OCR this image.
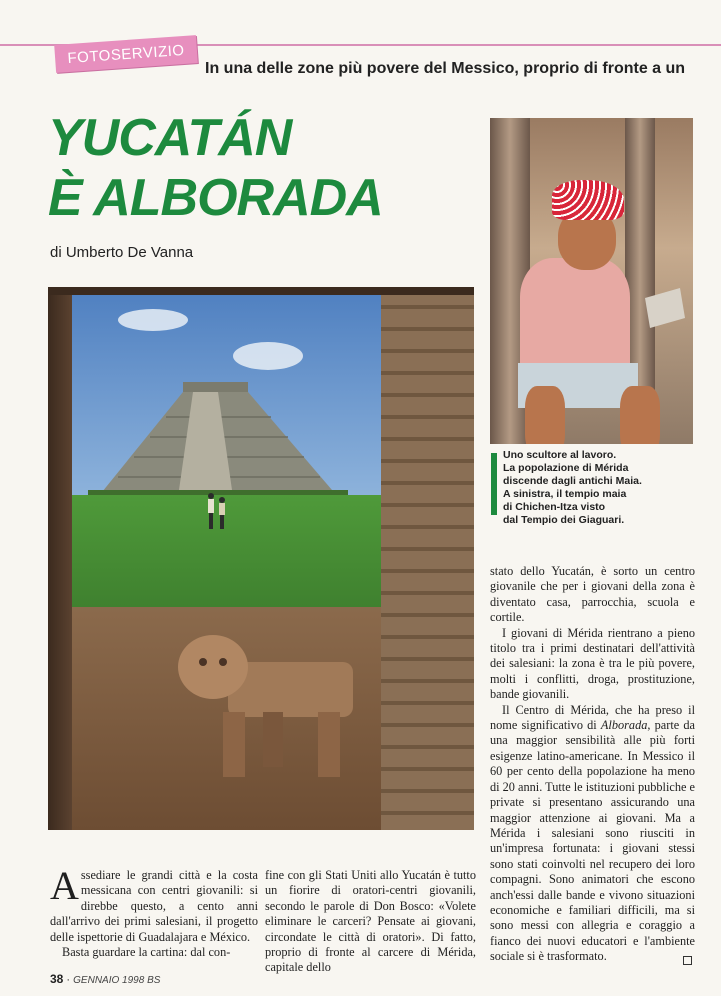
FOTOSERVIZIO
In una delle zone più povere del Messico, proprio di fronte a un
YUCATÁN
È ALBORADA
di Umberto De Vanna
Uno scultore al lavoro.
La popolazione di Mérida
discende dagli antichi Maia.
A sinistra, il tempio maia
di Chichen-Itza visto
dal Tempio dei Giaguari.

Assediare le grandi città e la costa messicana con centri giovanili: si direbbe questo, a cento anni dall'arrivo dei primi salesiani, il progetto delle ispettorie di Guadalajara e México.

Basta guardare la cartina: dal con-

fine con gli Stati Uniti allo Yucatán è tutto un fiorire di oratori-centri giovanili, secondo le parole di Don Bosco: «Volete eliminare le carceri? Pensate ai giovani, circondate le città di oratori». Di fatto, proprio di fronte al carcere di Mérida, capitale dello

stato dello Yucatán, è sorto un centro giovanile che per i giovani della zona è diventato casa, parrocchia, scuola e cortile.

I giovani di Mérida rientrano a pieno titolo tra i primi destinatari dell'attività dei salesiani: la zona è tra le più povere, molti i conflitti, droga, prostituzione, bande giovanili.

Il Centro di Mérida, che ha preso il nome significativo di Alborada, parte da una maggior sensibilità alle più forti esigenze latino-americane. In Messico il 60 per cento della popolazione ha meno di 20 anni. Tutte le istituzioni pubbliche e private si presentano assicurando una maggior attenzione ai giovani. Ma a Mérida i salesiani sono riusciti in un'impresa fortunata: i giovani stessi sono stati coinvolti nel recupero dei loro compagni. Sono animatori che escono anch'essi dalle bande e vivono situazioni economiche e familiari difficili, ma si sono messi con allegria e coraggio a fianco dei nuovi educatori e l'ambiente sociale si è trasformato.

38 · GENNAIO 1998 BS
